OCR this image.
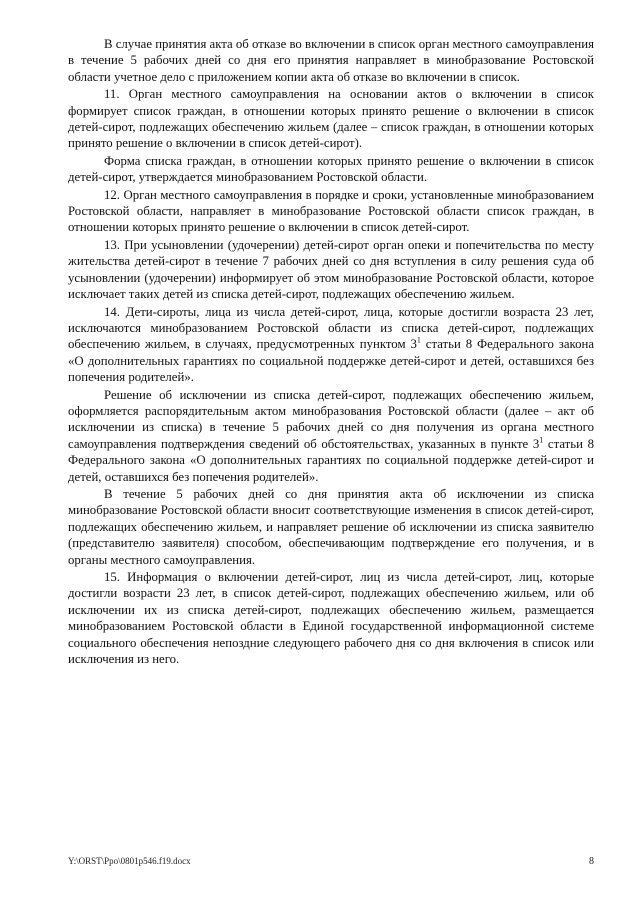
В случае принятия акта об отказе во включении в список орган местного самоуправления в течение 5 рабочих дней со дня его принятия направляет в минобразование Ростовской области учетное дело с приложением копии акта об отказе во включении в список.

11. Орган местного самоуправления на основании актов о включении в список формирует список граждан, в отношении которых принято решение о включении в список детей-сирот, подлежащих обеспечению жильем (далее – список граждан, в отношении которых принято решение о включении в список детей-сирот).

Форма списка граждан, в отношении которых принято решение о включении в список детей-сирот, утверждается минобразованием Ростовской области.

12. Орган местного самоуправления в порядке и сроки, установленные минобразованием Ростовской области, направляет в минобразование Ростовской области список граждан, в отношении которых принято решение о включении в список детей-сирот.

13. При усыновлении (удочерении) детей-сирот орган опеки и попечительства по месту жительства детей-сирот в течение 7 рабочих дней со дня вступления в силу решения суда об усыновлении (удочерении) информирует об этом минобразование Ростовской области, которое исключает таких детей из списка детей-сирот, подлежащих обеспечению жильем.

14. Дети-сироты, лица из числа детей-сирот, лица, которые достигли возраста 23 лет, исключаются минобразованием Ростовской области из списка детей-сирот, подлежащих обеспечению жильем, в случаях, предусмотренных пунктом $3^1$ статьи 8 Федерального закона «О дополнительных гарантиях по социальной поддержке детей-сирот и детей, оставшихся без попечения родителей».

Решение об исключении из списка детей-сирот, подлежащих обеспечению жильем, оформляется распорядительным актом минобразования Ростовской области (далее – акт об исключении из списка) в течение 5 рабочих дней со дня получения из органа местного самоуправления подтверждения сведений об обстоятельствах, указанных в пункте $3^1$ статьи 8 Федерального закона «О дополнительных гарантиях по социальной поддержке детей-сирот и детей, оставшихся без попечения родителей».

В течение 5 рабочих дней со дня принятия акта об исключении из списка минобразование Ростовской области вносит соответствующие изменения в список детей-сирот, подлежащих обеспечению жильем, и направляет решение об исключении из списка заявителю (представителю заявителя) способом, обеспечивающим подтверждение его получения, и в органы местного самоуправления.

15. Информация о включении детей-сирот, лиц из числа детей-сирот, лиц, которые достигли возрасти 23 лет, в список детей-сирот, подлежащих обеспечению жильем, или об исключении их из списка детей-сирот, подлежащих обеспечению жильем, размещается минобразованием Ростовской области в Единой государственной информационной системе социального обеспечения непоздние следующего рабочего дня со дня включения в список или исключения из него.

Y:\ORST\Ppo\0801p546.f19.docx	8
